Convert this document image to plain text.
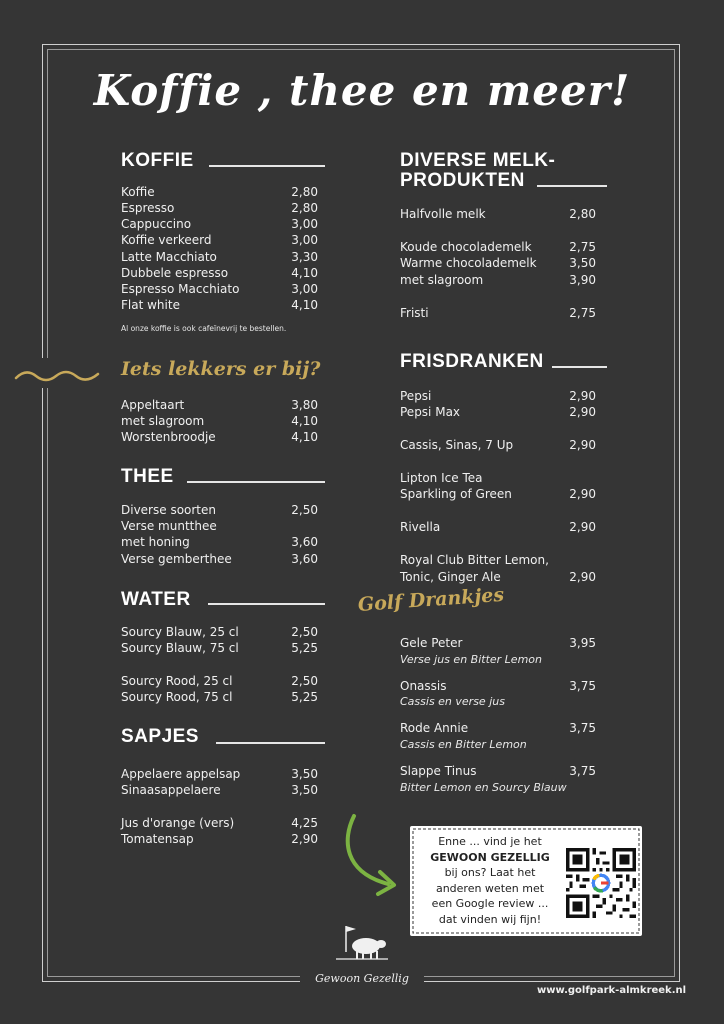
Koffie , thee en meer!
KOFFIE
Koffie	2,80
Espresso	2,80
Cappuccino	3,00
Koffie verkeerd	3,00
Latte Macchiato	3,30
Dubbele espresso	4,10
Espresso Macchiato	3,00
Flat white	4,10
Al onze koffie is ook cafeïnevrij te bestellen.
Iets lekkers er bij?
Appeltaart	3,80
met slagroom	4,10
Worstenbroodje	4,10
THEE
Diverse soorten	2,50
Verse muntthee
met honing	3,60
Verse gemberthee	3,60
WATER
Sourcy Blauw, 25 cl	2,50
Sourcy Blauw, 75 cl	5,25
Sourcy Rood, 25 cl	2,50
Sourcy Rood, 75 cl	5,25
SAPJES
Appelaere appelsap	3,50
Sinaasappelaere	3,50
Jus d'orange (vers)	4,25
Tomatensap	2,90
DIVERSE MELK-
PRODUKTEN
Halfvolle melk	2,80
Koude chocolademelk	2,75
Warme chocolademelk	3,50
met slagroom	3,90
Fristi	2,75
FRISDRANKEN
Pepsi	2,90
Pepsi Max	2,90
Cassis, Sinas, 7 Up	2,90
Lipton Ice Tea
Sparkling of Green	2,90
Rivella	2,90
Royal Club Bitter Lemon,
Tonic, Ginger Ale	2,90
Golf Drankjes
Gele Peter	3,95
Verse jus en Bitter Lemon
Onassis	3,75
Cassis en verse jus
Rode Annie	3,75
Cassis en Bitter Lemon
Slappe Tinus	3,75
Bitter Lemon en Sourcy Blauw
Enne ... vind je het
GEWOON GEZELLIG
bij ons? Laat het
anderen weten met
een Google review ...
dat vinden wij fijn!
Gewoon Gezellig
www.golfpark-almkreek.nl
